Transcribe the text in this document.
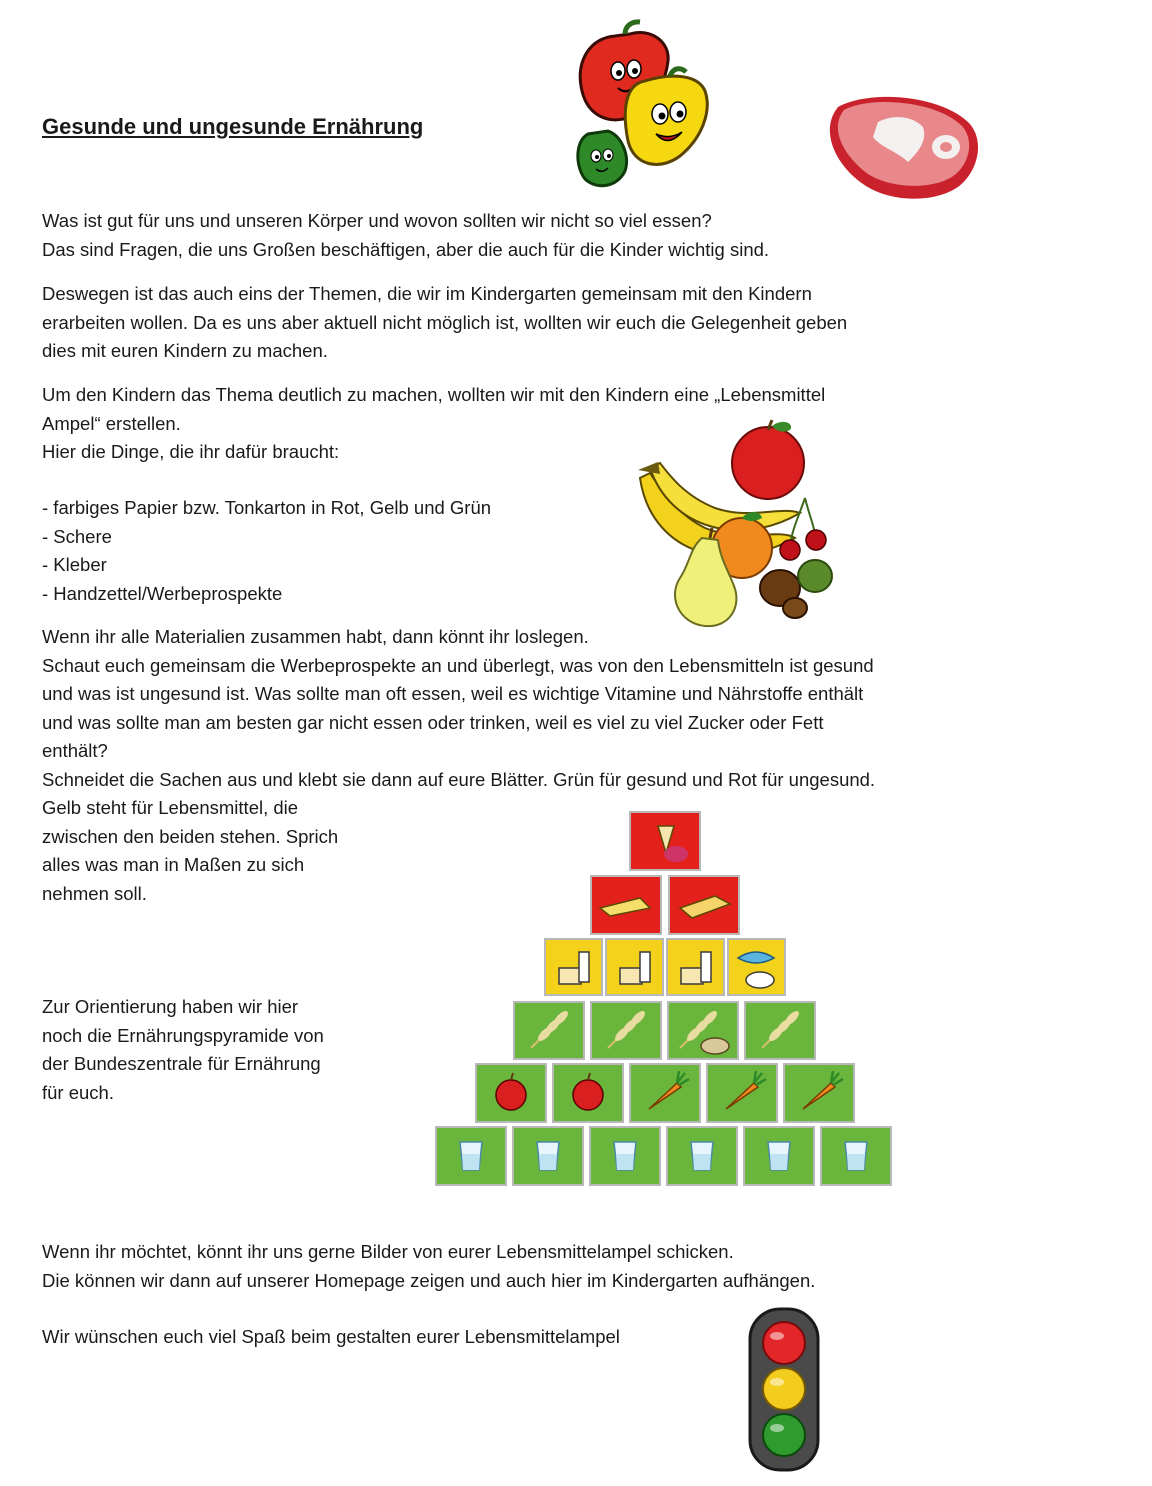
Gesunde und ungesunde Ernährung

Was ist gut für uns und unseren Körper und wovon sollten wir nicht so viel essen?
Das sind Fragen, die uns Großen beschäftigen, aber die auch für die Kinder wichtig sind.

Deswegen ist das auch eins der Themen, die wir im Kindergarten gemeinsam mit den Kindern
erarbeiten wollen. Da es uns aber aktuell nicht möglich ist, wollten wir euch die Gelegenheit geben
dies mit euren Kindern zu machen.

Um den Kindern das Thema deutlich zu machen, wollten wir mit den Kindern eine „Lebensmittel
Ampel“ erstellen.
Hier die Dinge, die ihr dafür braucht:

- farbiges Papier bzw. Tonkarton in Rot, Gelb und Grün
- Schere
- Kleber
- Handzettel/Werbeprospekte

Wenn ihr alle Materialien zusammen habt, dann könnt ihr loslegen.
Schaut euch gemeinsam die Werbeprospekte an und überlegt, was von den Lebensmitteln ist gesund
und was ist ungesund ist. Was sollte man oft essen, weil es wichtige Vitamine und Nährstoffe enthält
und was sollte man am besten gar nicht essen oder trinken, weil es viel zu viel Zucker oder Fett
enthält?
Schneidet die Sachen aus und klebt sie dann auf eure Blätter. Grün für gesund und Rot für ungesund.

Gelb steht für Lebensmittel, die
zwischen den beiden stehen. Sprich
alles was man in Maßen zu sich
nehmen soll.

Zur Orientierung haben wir hier
noch die Ernährungspyramide von
der Bundeszentrale für Ernährung
für euch.

Wenn ihr möchtet, könnt ihr uns gerne Bilder von eurer Lebensmittelampel schicken.
Die können wir dann auf unserer Homepage zeigen und auch hier im Kindergarten aufhängen.

Wir wünschen euch viel Spaß beim gestalten eurer Lebensmittelampel
